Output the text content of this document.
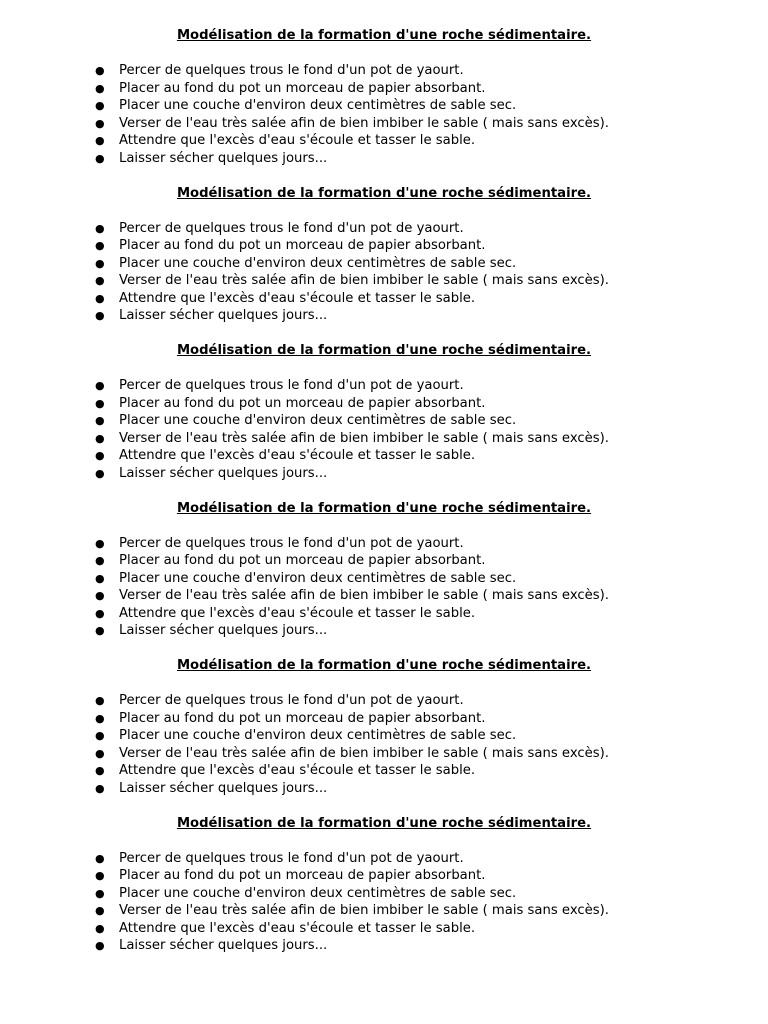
Modélisation de la formation d'une roche sédimentaire.
● Percer de quelques trous le fond d'un pot de yaourt.
● Placer au fond du pot un morceau de papier absorbant.
● Placer une couche d'environ deux centimètres de sable sec.
● Verser de l'eau très salée afin de bien imbiber le sable ( mais sans excès).
● Attendre que l'excès d'eau s'écoule et tasser le sable.
● Laisser sécher quelques jours...
Modélisation de la formation d'une roche sédimentaire.
● Percer de quelques trous le fond d'un pot de yaourt.
● Placer au fond du pot un morceau de papier absorbant.
● Placer une couche d'environ deux centimètres de sable sec.
● Verser de l'eau très salée afin de bien imbiber le sable ( mais sans excès).
● Attendre que l'excès d'eau s'écoule et tasser le sable.
● Laisser sécher quelques jours...
Modélisation de la formation d'une roche sédimentaire.
● Percer de quelques trous le fond d'un pot de yaourt.
● Placer au fond du pot un morceau de papier absorbant.
● Placer une couche d'environ deux centimètres de sable sec.
● Verser de l'eau très salée afin de bien imbiber le sable ( mais sans excès).
● Attendre que l'excès d'eau s'écoule et tasser le sable.
● Laisser sécher quelques jours...
Modélisation de la formation d'une roche sédimentaire.
● Percer de quelques trous le fond d'un pot de yaourt.
● Placer au fond du pot un morceau de papier absorbant.
● Placer une couche d'environ deux centimètres de sable sec.
● Verser de l'eau très salée afin de bien imbiber le sable ( mais sans excès).
● Attendre que l'excès d'eau s'écoule et tasser le sable.
● Laisser sécher quelques jours...
Modélisation de la formation d'une roche sédimentaire.
● Percer de quelques trous le fond d'un pot de yaourt.
● Placer au fond du pot un morceau de papier absorbant.
● Placer une couche d'environ deux centimètres de sable sec.
● Verser de l'eau très salée afin de bien imbiber le sable ( mais sans excès).
● Attendre que l'excès d'eau s'écoule et tasser le sable.
● Laisser sécher quelques jours...
Modélisation de la formation d'une roche sédimentaire.
● Percer de quelques trous le fond d'un pot de yaourt.
● Placer au fond du pot un morceau de papier absorbant.
● Placer une couche d'environ deux centimètres de sable sec.
● Verser de l'eau très salée afin de bien imbiber le sable ( mais sans excès).
● Attendre que l'excès d'eau s'écoule et tasser le sable.
● Laisser sécher quelques jours...
